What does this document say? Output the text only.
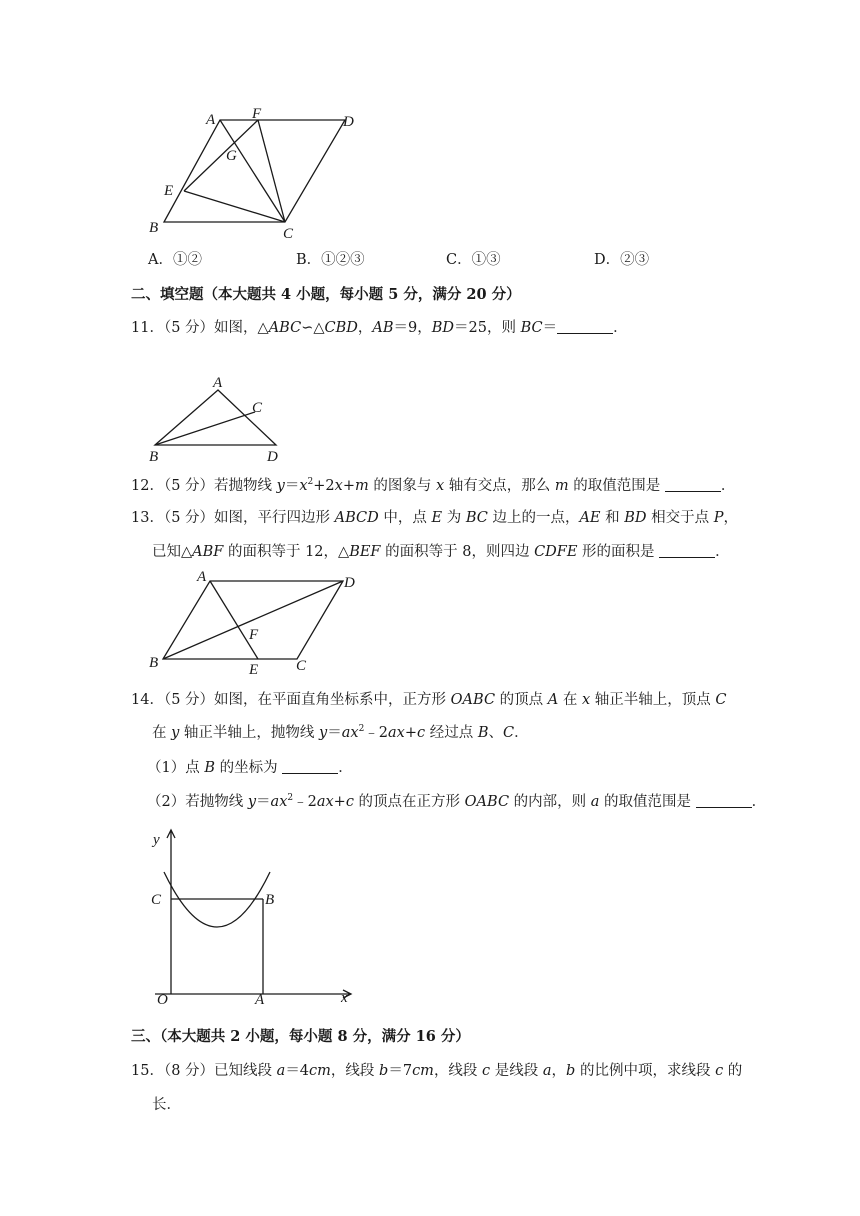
A F	D
G
E
B	C
A．①②	B．①②③	C．①③	D．②③
二、填空题（本大题共 4 小题，每小题 5 分，满分 20 分）
11．（5 分）如图，△ABC∽△CBD，AB＝9，BD＝25，则 BC＝	．
A
C
B	D
12．（5 分）若抛物线 $y=x^2+2x+m$ 的图象与 x 轴有交点，那么 m 的取值范围是	．
13．（5 分）如图，平行四边形 ABCD 中，点 E 为 BC 边上的一点，AE 和 BD 相交于点 P，
已知△ABF 的面积等于 12，△BEF 的面积等于 8，则四边 CDFE 形的面积是	．
A	D
F
B	E	C
14．（5 分）如图，在平面直角坐标系中，正方形 OABC 的顶点 A 在 x 轴正半轴上，顶点 C
在 y 轴正半轴上，抛物线 $y=ax^2﹣2ax+c$ 经过点 B、C．
（1）点 B 的坐标为	．
（2）若抛物线 $y=ax^2﹣2ax+c$ 的顶点在正方形 OABC 的内部，则 a 的取值范围是	．
y
C	B
O	A	x
三、（本大题共 2 小题，每小题 8 分，满分 16 分）
15．（8 分）已知线段 a＝4cm，线段 b＝7cm，线段 c 是线段 a，b 的比例中项，求线段 c 的
长．
